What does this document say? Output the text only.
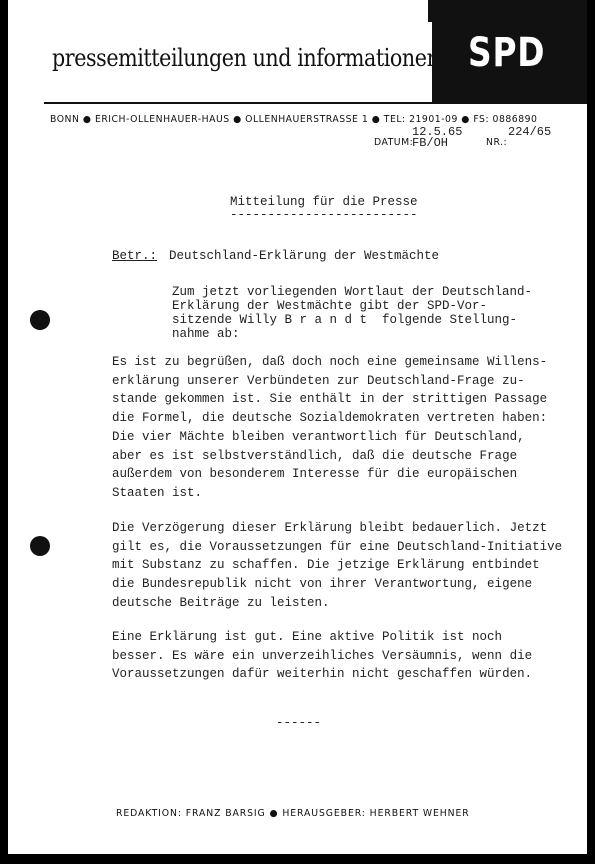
pressemitteilungen und informationen SPD
BONN ● ERICH-OLLENHAUER-HAUS ● OLLENHAUERSTRASSE 1 ● TEL: 21901-09 ● FS: 0886890
12.5.65	224/65
DATUM:
FB/OH	NR.:
Mitteilung für die Presse
-------------------------
Betr.: Deutschland-Erklärung der Westmächte
Zum jetzt vorliegenden Wortlaut der Deutschland-
Erklärung der Westmächte gibt der SPD-Vor-
sitzende Willy B r a n d t  folgende Stellung-
nahme ab:
Es ist zu begrüßen, daß doch noch eine gemeinsame Willens-
erklärung unserer Verbündeten zur Deutschland-Frage zu-
stande gekommen ist. Sie enthält in der strittigen Passage
die Formel, die deutsche Sozialdemokraten vertreten haben:
Die vier Mächte bleiben verantwortlich für Deutschland,
aber es ist selbstverständlich, daß die deutsche Frage
außerdem von besonderem Interesse für die europäischen
Staaten ist.
Die Verzögerung dieser Erklärung bleibt bedauerlich. Jetzt
gilt es, die Voraussetzungen für eine Deutschland-Initiative
mit Substanz zu schaffen. Die jetzige Erklärung entbindet
die Bundesrepublik nicht von ihrer Verantwortung, eigene
deutsche Beiträge zu leisten.
Eine Erklärung ist gut. Eine aktive Politik ist noch
besser. Es wäre ein unverzeihliches Versäumnis, wenn die
Voraussetzungen dafür weiterhin nicht geschaffen würden.
------
REDAKTION: FRANZ BARSIG ● HERAUSGEBER: HERBERT WEHNER
